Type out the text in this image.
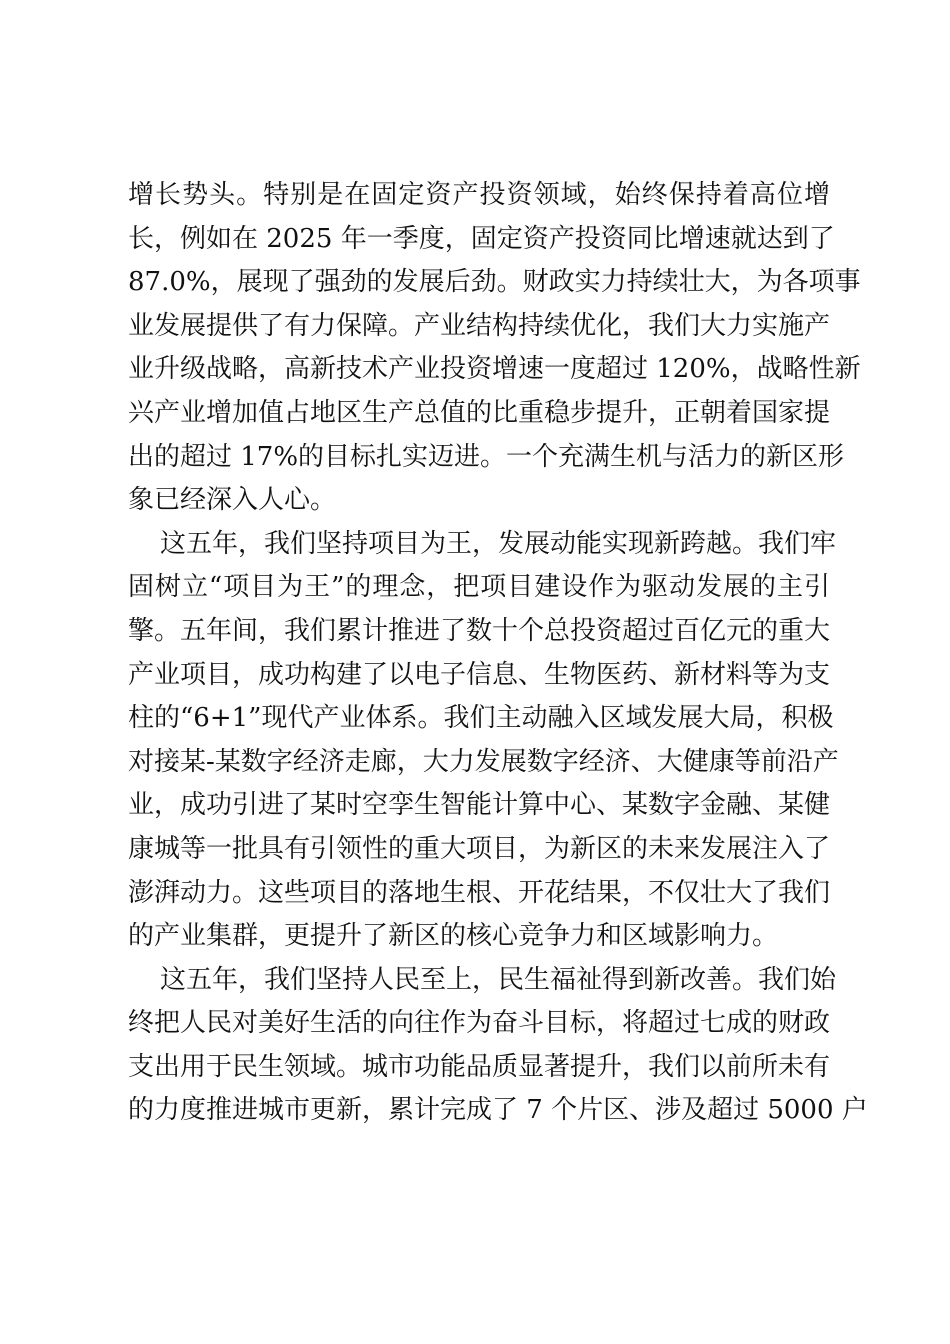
增长势头。特别是在固定资产投资领域，始终保持着高位增
长，例如在 2025 年一季度，固定资产投资同比增速就达到了
87.0%，展现了强劲的发展后劲。财政实力持续壮大，为各项事
业发展提供了有力保障。产业结构持续优化，我们大力实施产
业升级战略，高新技术产业投资增速一度超过 120%，战略性新
兴产业增加值占地区生产总值的比重稳步提升，正朝着国家提
出的超过 17%的目标扎实迈进。一个充满生机与活力的新区形
象已经深入人心。
这五年，我们坚持项目为王，发展动能实现新跨越。我们牢
固树立“项目为王”的理念，把项目建设作为驱动发展的主引
擎。五年间，我们累计推进了数十个总投资超过百亿元的重大
产业项目，成功构建了以电子信息、生物医药、新材料等为支
柱的“6+1”现代产业体系。我们主动融入区域发展大局，积极
对接某-某数字经济走廊，大力发展数字经济、大健康等前沿产
业，成功引进了某时空孪生智能计算中心、某数字金融、某健
康城等一批具有引领性的重大项目，为新区的未来发展注入了
澎湃动力。这些项目的落地生根、开花结果，不仅壮大了我们
的产业集群，更提升了新区的核心竞争力和区域影响力。
这五年，我们坚持人民至上，民生福祉得到新改善。我们始
终把人民对美好生活的向往作为奋斗目标，将超过七成的财政
支出用于民生领域。城市功能品质显著提升，我们以前所未有
的力度推进城市更新，累计完成了 7 个片区、涉及超过 5000 户
